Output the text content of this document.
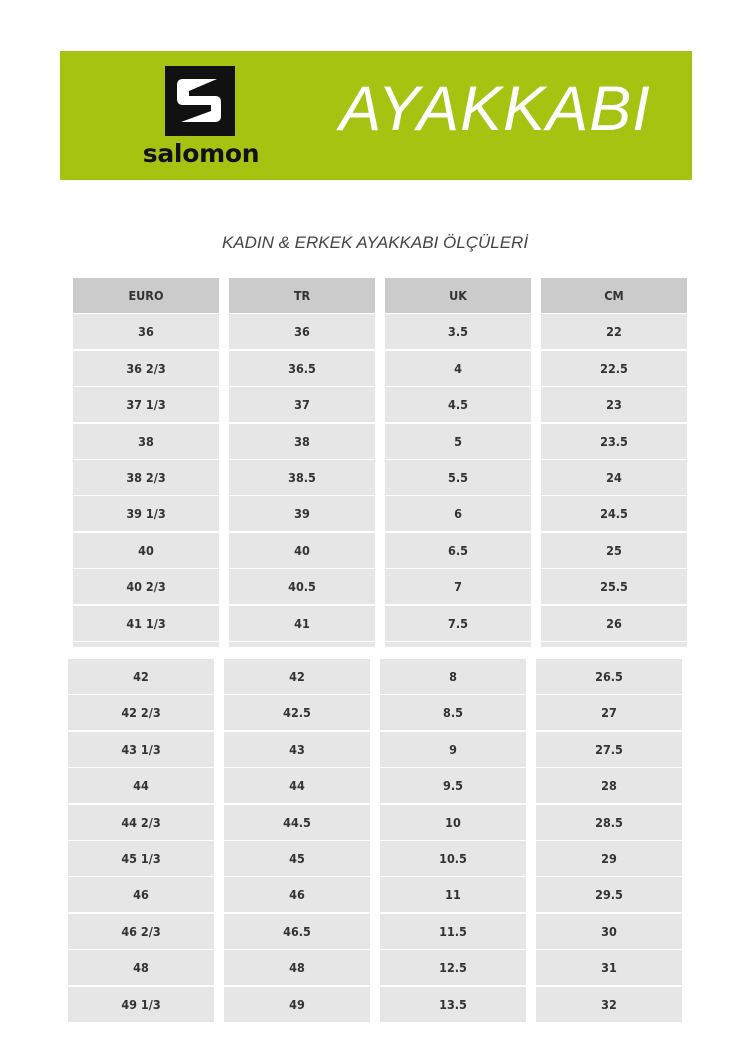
salomon
AYAKKABI
KADIN & ERKEK AYAKKABI ÖLÇÜLERİ
EURO
36
36 2/3
37 1/3
38
38 2/3
39 1/3
40
40 2/3
41 1/3
TR
36
36.5
37
38
38.5
39
40
40.5
41
UK
3.5
4
4.5
5
5.5
6
6.5
7
7.5
CM
22
22.5
23
23.5
24
24.5
25
25.5
26
42
42 2/3
43 1/3
44
44 2/3
45 1/3
46
46 2/3
48
49 1/3
42
42.5
43
44
44.5
45
46
46.5
48
49
8
8.5
9
9.5
10
10.5
11
11.5
12.5
13.5
26.5
27
27.5
28
28.5
29
29.5
30
31
32
